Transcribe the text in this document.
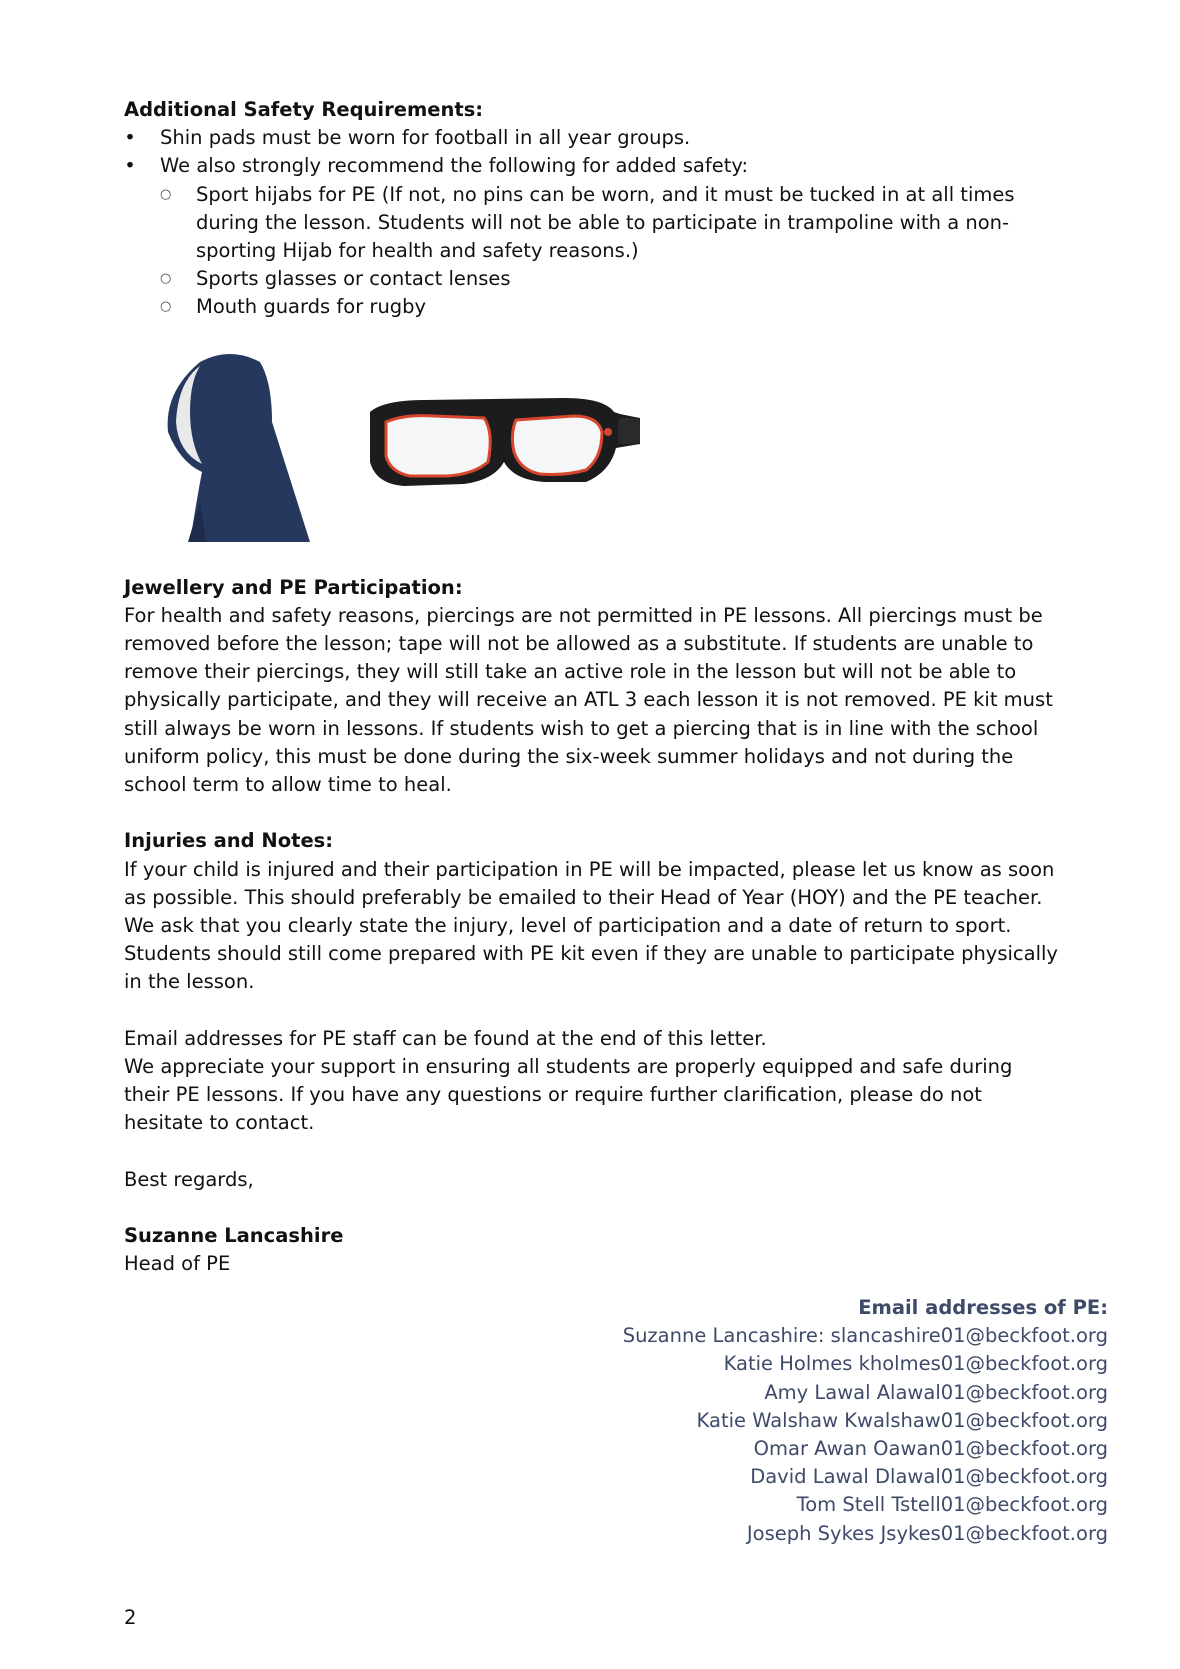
Additional Safety Requirements:

• Shin pads must be worn for football in all year groups.
• We also strongly recommend the following for added safety:
○ Sport hijabs for PE (If not, no pins can be worn, and it must be tucked in at all times during the lesson. Students will not be able to participate in trampoline with a non-sporting Hijab for health and safety reasons.)
○ Sports glasses or contact lenses
○ Mouth guards for rugby

Jewellery and PE Participation:

For health and safety reasons, piercings are not permitted in PE lessons. All piercings must be removed before the lesson; tape will not be allowed as a substitute. If students are unable to remove their piercings, they will still take an active role in the lesson but will not be able to physically participate, and they will receive an ATL 3 each lesson it is not removed. PE kit must still always be worn in lessons. If students wish to get a piercing that is in line with the school uniform policy, this must be done during the six-week summer holidays and not during the school term to allow time to heal.

Injuries and Notes:

If your child is injured and their participation in PE will be impacted, please let us know as soon as possible. This should preferably be emailed to their Head of Year (HOY) and the PE teacher. We ask that you clearly state the injury, level of participation and a date of return to sport. Students should still come prepared with PE kit even if they are unable to participate physically in the lesson.

Email addresses for PE staff can be found at the end of this letter.

We appreciate your support in ensuring all students are properly equipped and safe during their PE lessons. If you have any questions or require further clarification, please do not hesitate to contact.

Best regards,

Suzanne Lancashire

Head of PE

Email addresses of PE:
Suzanne Lancashire: slancashire01@beckfoot.org
Katie Holmes kholmes01@beckfoot.org
Amy Lawal Alawal01@beckfoot.org
Katie Walshaw Kwalshaw01@beckfoot.org
Omar Awan Oawan01@beckfoot.org
David Lawal Dlawal01@beckfoot.org
Tom Stell Tstell01@beckfoot.org
Joseph Sykes Jsykes01@beckfoot.org
2
